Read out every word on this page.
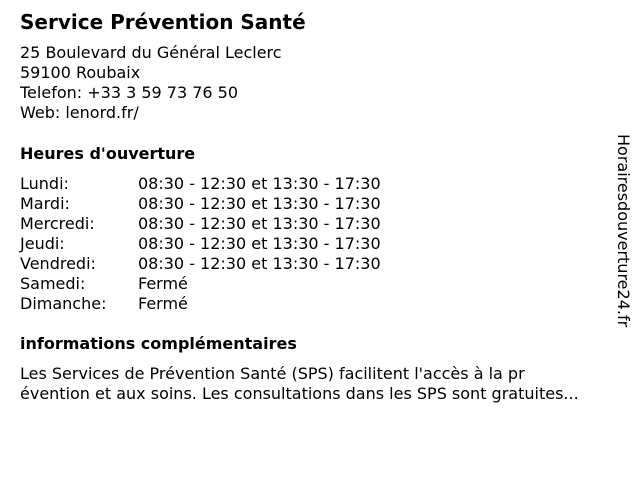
Service Prévention Santé
25 Boulevard du Général Leclerc
59100 Roubaix
Telefon: +33 3 59 73 76 50
Web: lenord.fr/
Heures d'ouverture
Lundi:	08:30 - 12:30 et 13:30 - 17:30
Mardi:	08:30 - 12:30 et 13:30 - 17:30
Mercredi:	08:30 - 12:30 et 13:30 - 17:30
Jeudi:	08:30 - 12:30 et 13:30 - 17:30
Vendredi:	08:30 - 12:30 et 13:30 - 17:30
Samedi:	Fermé
Dimanche: Fermé
informations complémentaires
Les Services de Prévention Santé (SPS) facilitent l'accès à la pr
évention et aux soins. Les consultations dans les SPS sont gratuites...
Horairesdouverture24.fr
